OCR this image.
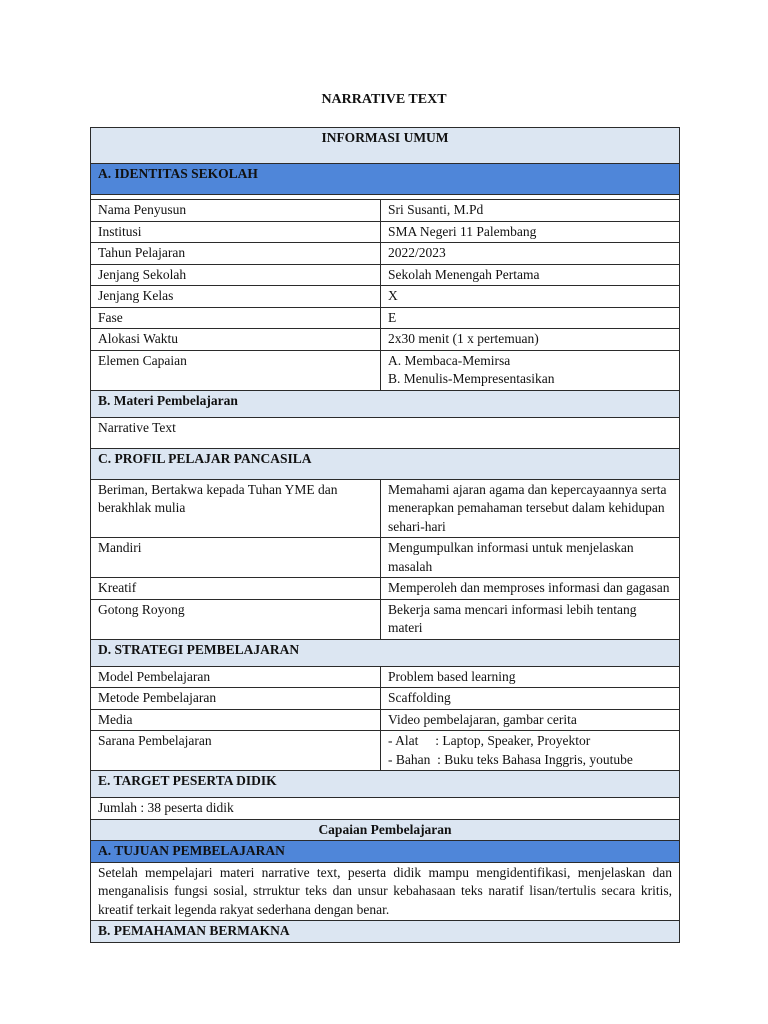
NARRATIVE TEXT
INFORMASI UMUM	
A. IDENTITAS SEKOLAH	

Nama Penyusun	Sri Susanti, M.Pd
Institusi	SMA Negeri 11 Palembang
Tahun Pelajaran	2022/2023
Jenjang Sekolah	Sekolah Menengah Pertama
Jenjang Kelas	X
Fase	E
Alokasi Waktu	2x30 menit (1 x pertemuan)
Elemen Capaian	A. Membaca-Memirsa
B. Menulis-Mempresentasikan

B. Materi Pembelajaran	
Narrative Text	
C. PROFIL PELAJAR PANCASILA	
Beriman, Bertakwa kepada Tuhan YME dan berakhlak mulia	Memahami ajaran agama dan kepercayaannya serta menerapkan pemahaman tersebut dalam kehidupan sehari-hari
Mandiri	Mengumpulkan informasi untuk menjelaskan masalah
Kreatif	Memperoleh dan memproses informasi dan gagasan
Gotong Royong	Bekerja sama mencari informasi lebih tentang materi
D. STRATEGI PEMBELAJARAN	
Model Pembelajaran	Problem based learning
Metode Pembelajaran	Scaffolding
Media	Video pembelajaran, gambar cerita
Sarana Pembelajaran	- Alat     : Laptop, Speaker, Proyektor
- Bahan  : Buku teks Bahasa Inggris, youtube

E. TARGET PESERTA DIDIK	
Jumlah : 38 peserta didik	
Capaian Pembelajaran	
A. TUJUAN PEMBELAJARAN	
Setelah mempelajari materi narrative text, peserta didik mampu mengidentifikasi, menjelaskan dan menganalisis fungsi sosial, strruktur teks dan unsur kebahasaan teks naratif lisan/tertulis secara kritis, kreatif terkait legenda rakyat sederhana dengan benar.	
B. PEMAHAMAN BERMAKNA	
